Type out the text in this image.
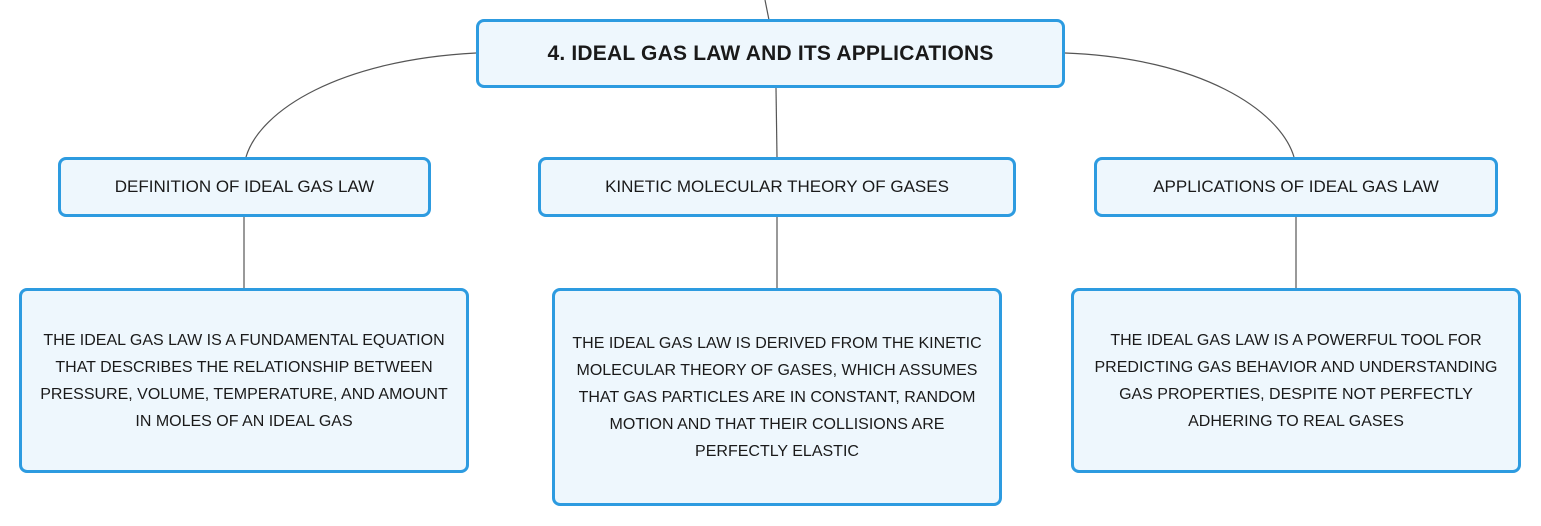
4. IDEAL GAS LAW AND ITS APPLICATIONS
DEFINITION OF IDEAL GAS LAW	KINETIC MOLECULAR THEORY OF GASES	APPLICATIONS OF IDEAL GAS LAW
THE IDEAL GAS LAW IS A FUNDAMENTAL EQUATION THAT DESCRIBES THE RELATIONSHIP BETWEEN PRESSURE, VOLUME, TEMPERATURE, AND AMOUNT IN MOLES OF AN IDEAL GAS
THE IDEAL GAS LAW IS DERIVED FROM THE KINETIC MOLECULAR THEORY OF GASES, WHICH ASSUMES THAT GAS PARTICLES ARE IN CONSTANT, RANDOM MOTION AND THAT THEIR COLLISIONS ARE PERFECTLY ELASTIC
THE IDEAL GAS LAW IS A POWERFUL TOOL FOR PREDICTING GAS BEHAVIOR AND UNDERSTANDING GAS PROPERTIES, DESPITE NOT PERFECTLY ADHERING TO REAL GASES
